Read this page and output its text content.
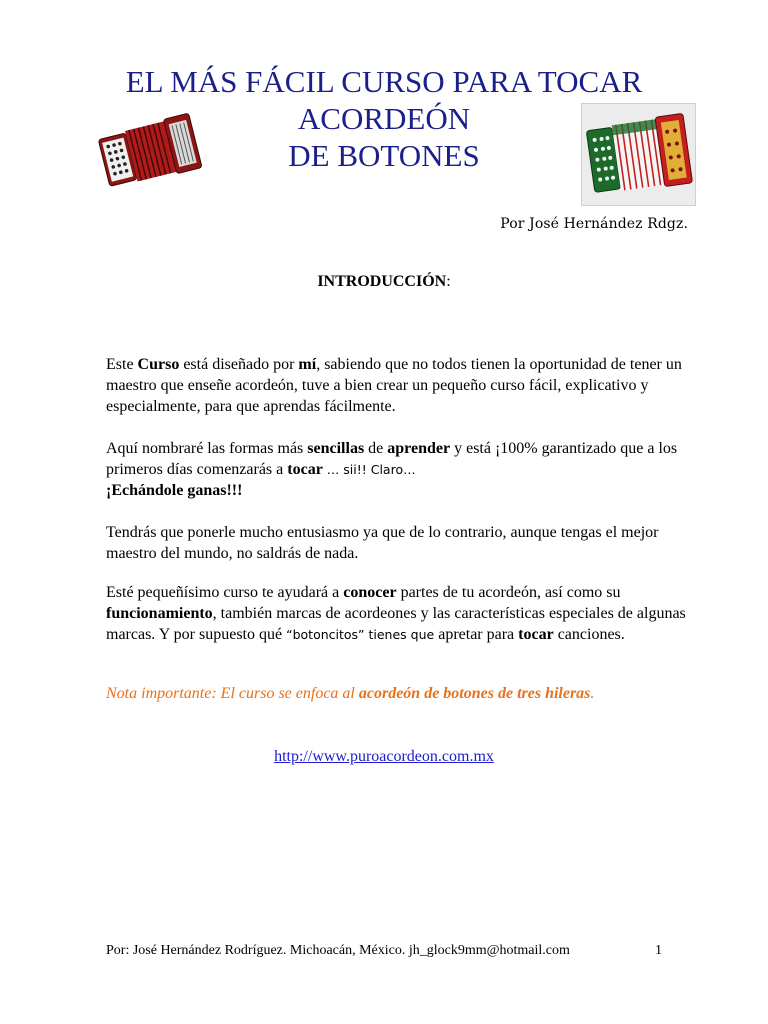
EL MÁS FÁCIL CURSO PARA TOCAR
ACORDEÓN
DE BOTONES
Por José Hernández Rdgz.
INTRODUCCIÓN:
Este Curso está diseñado por mí, sabiendo que no todos tienen la oportunidad de tener un maestro que enseñe acordeón, tuve a bien crear un pequeño curso fácil, explicativo y especialmente, para que aprendas fácilmente.
Aquí nombraré las formas más sencillas de aprender y está ¡100% garantizado que a los primeros días comenzarás a tocar … sii!! Claro…
¡Echándole ganas!!!
Tendrás que ponerle mucho entusiasmo ya que de lo contrario, aunque tengas el mejor maestro del mundo, no saldrás de nada.
Esté pequeñísimo curso te ayudará a conocer partes de tu acordeón, así como su funcionamiento, también marcas de acordeones y las características especiales de algunas marcas. Y por supuesto qué “botoncitos” tienes que apretar para tocar canciones.
Nota importante: El curso se enfoca al acordeón de botones de tres hileras.
http://www.puroacordeon.com.mx
Por: José Hernández Rodríguez. Michoacán, México. jh_glock9mm@hotmail.com	1
